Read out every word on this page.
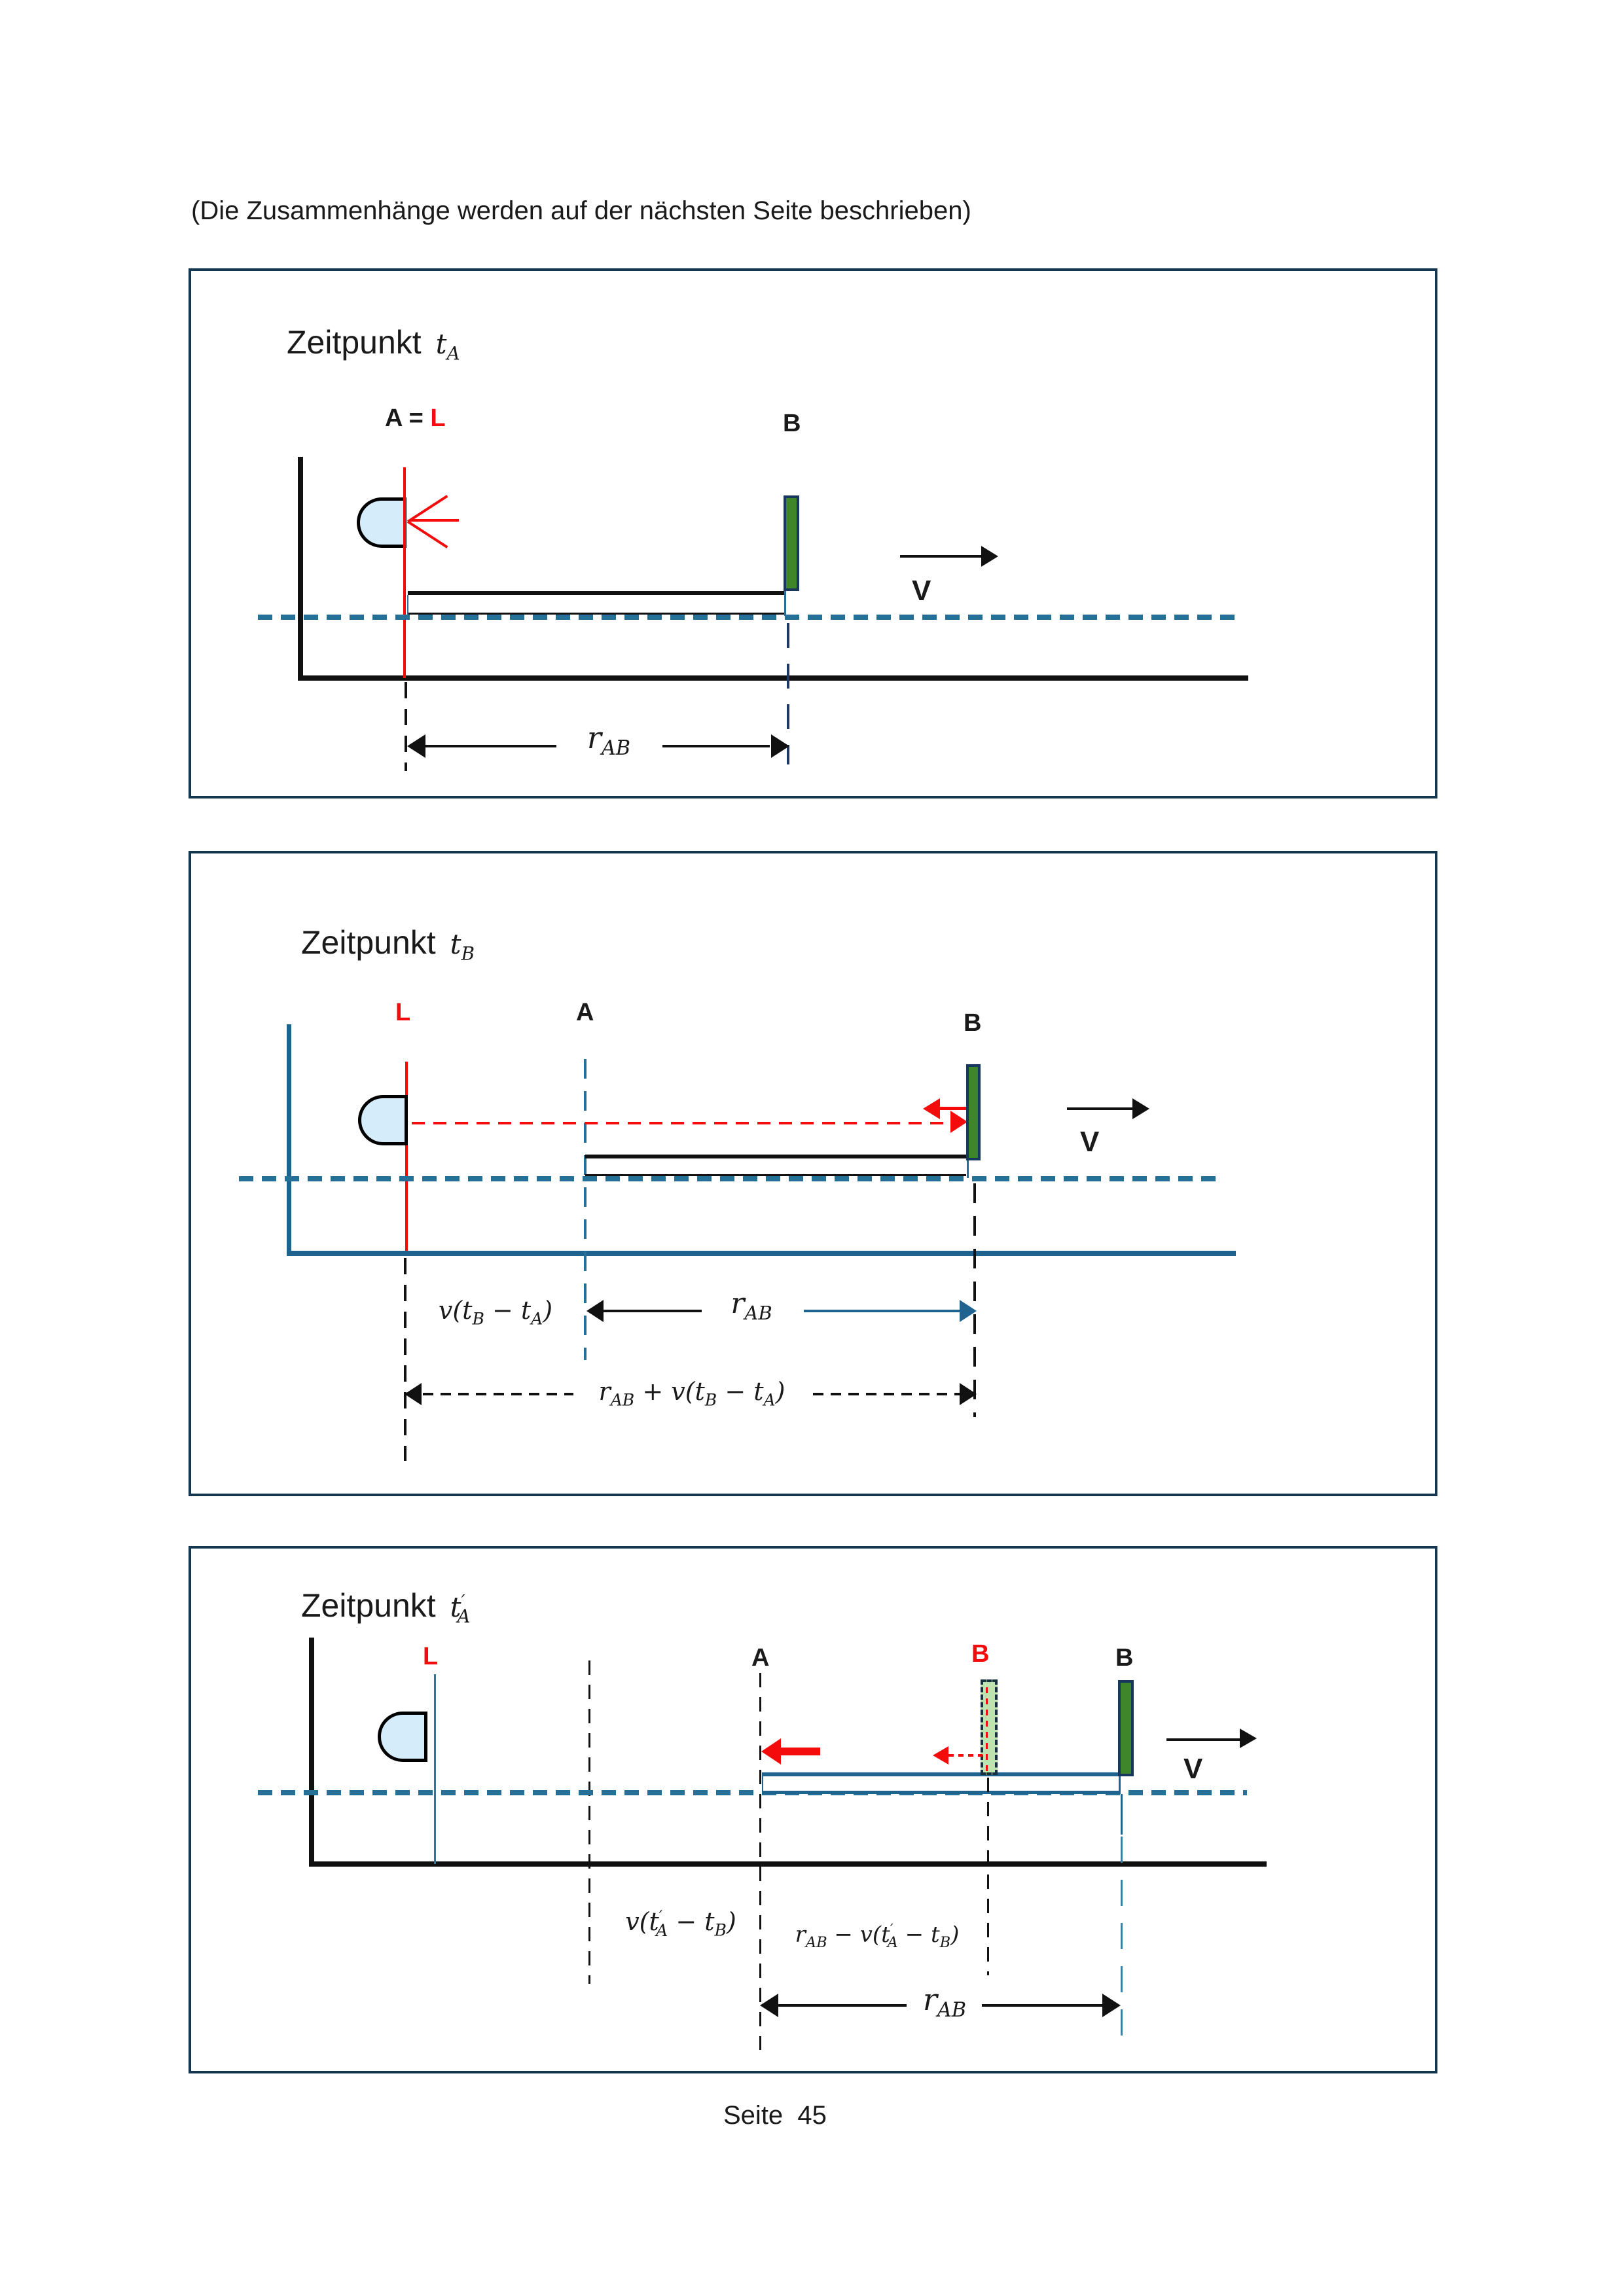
(Die Zusammenhänge werden auf der nächsten Seite beschrieben)
Zeitpunkt $t_A$
A = L	B
$r_{AB}$
V
Zeitpunkt $t_B$
L	A	B
V
$v(t_B - t_A)$	$r_{AB}$
$r_{AB} + v(t_B - t_A)$
Zeitpunkt $t'_A$
L	A	B	B
V
$v(t'_A - t_B)$	$r_{AB} - v(t'_A - t_B)$
$r_{AB}$
Seite  45
